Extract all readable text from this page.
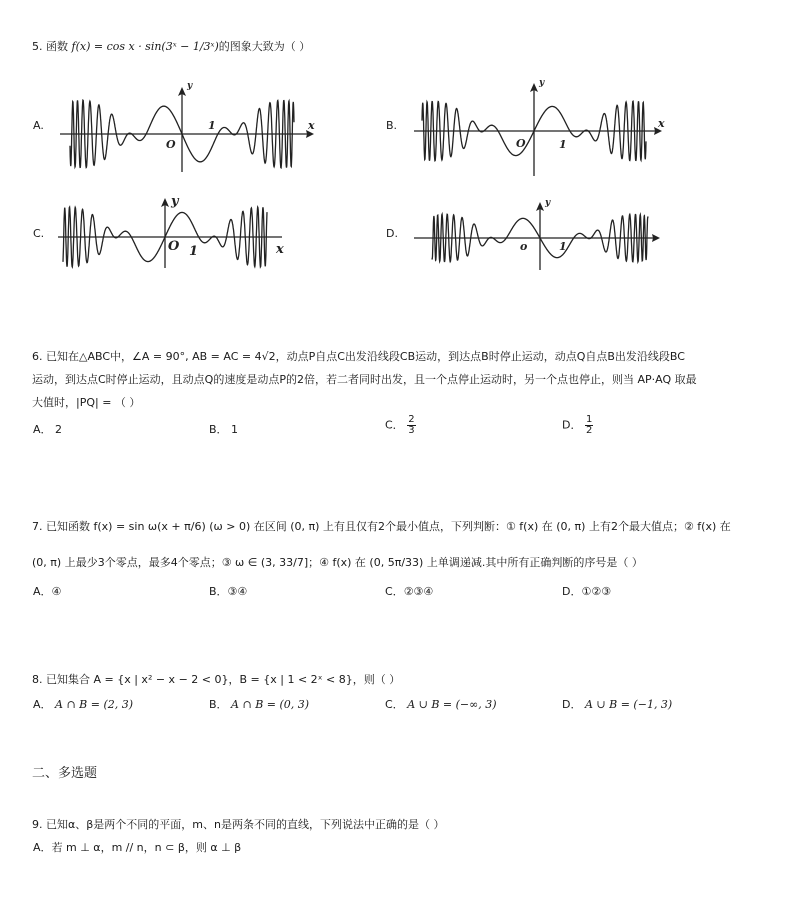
5. 函数 f(x) = cos x · sin(3ˣ − 1/3ˣ)的图象大致为（ ）
A.	B.
C.	D.
x
y
O
1	x
y
O	1
x
y
O 1
y
o	1
6. 已知在△ABC中，∠A = 90°, AB = AC = 4√2，动点P自点C出发沿线段CB运动，到达点B时停止运动，动点Q自点B出发沿线段BC
运动，到达点C时停止运动，且动点Q的速度是动点P的2倍，若二者同时出发，且一个点停止运动时，另一个点也停止，则当 AP·AQ 取最
大值时，|PQ| = （ ）
A． 2	B． 1	C． $\frac{2}{3}$	D． $\frac{1}{2}$
7. 已知函数 f(x) = sin ω(x + π/6) (ω > 0) 在区间 (0, π) 上有且仅有2个最小值点，下列判断：① f(x) 在 (0, π) 上有2个最大值点；② f(x) 在
(0, π) 上最少3个零点，最多4个零点；③ ω ∈ (3, 33/7]；④ f(x) 在 (0, 5π/33) 上单调递减.其中所有正确判断的序号是（ ）
A．④	B．③④	C．②③④	D．①②③
8. 已知集合 A = {x | x² − x − 2 < 0}，B = {x | 1 < 2ˣ < 8}，则（ ）
A． A ∩ B = (2, 3)	B． A ∩ B = (0, 3)	C． A ∪ B = (−∞, 3)	D． A ∪ B = (−1, 3)
二、多选题
9. 已知α、β是两个不同的平面，m、n是两条不同的直线，下列说法中正确的是（ ）
A．若 m ⊥ α，m // n，n ⊂ β，则 α ⊥ β
